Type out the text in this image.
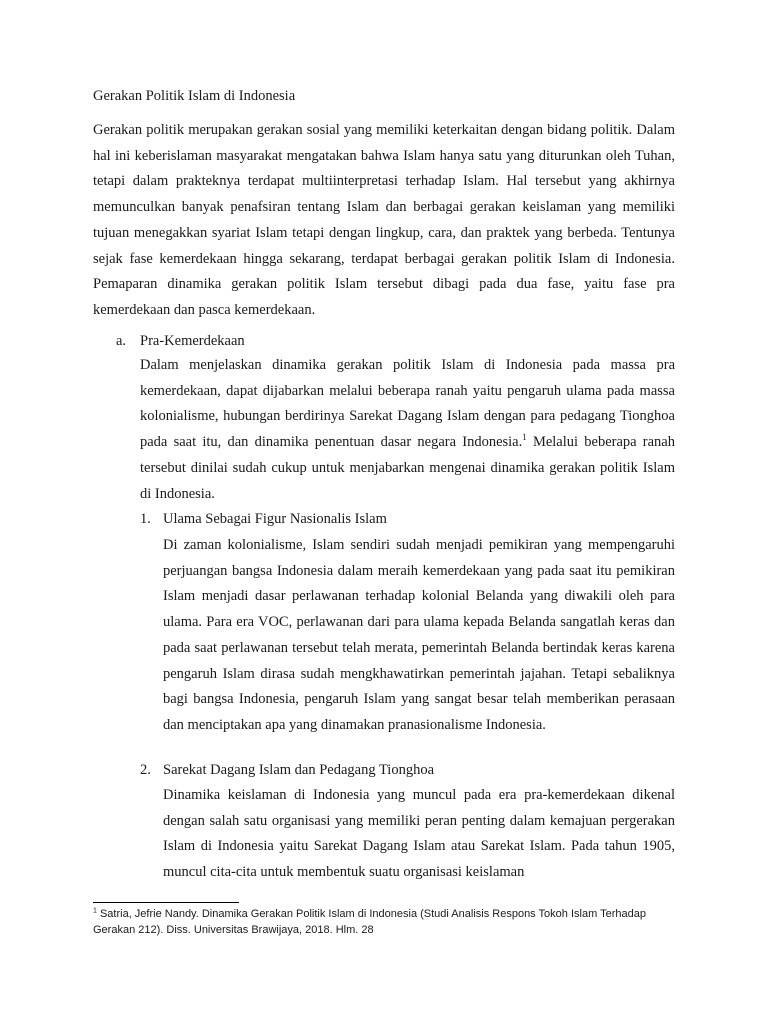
Gerakan Politik Islam di Indonesia

Gerakan politik merupakan gerakan sosial yang memiliki keterkaitan dengan bidang politik. Dalam hal ini keberislaman masyarakat mengatakan bahwa Islam hanya satu yang diturunkan oleh Tuhan, tetapi dalam prakteknya terdapat multiinterpretasi terhadap Islam. Hal tersebut yang akhirnya memunculkan banyak penafsiran tentang Islam dan berbagai gerakan keislaman yang memiliki tujuan menegakkan syariat Islam tetapi dengan lingkup, cara, dan praktek yang berbeda. Tentunya sejak fase kemerdekaan hingga sekarang, terdapat berbagai gerakan politik Islam di Indonesia. Pemaparan dinamika gerakan politik Islam tersebut dibagi pada dua fase, yaitu fase pra kemerdekaan dan pasca kemerdekaan.

a. Pra-Kemerdekaan

Dalam menjelaskan dinamika gerakan politik Islam di Indonesia pada massa pra kemerdekaan, dapat dijabarkan melalui beberapa ranah yaitu pengaruh ulama pada massa kolonialisme, hubungan berdirinya Sarekat Dagang Islam dengan para pedagang Tionghoa pada saat itu, dan dinamika penentuan dasar negara Indonesia.$^1$ Melalui beberapa ranah tersebut dinilai sudah cukup untuk menjabarkan mengenai dinamika gerakan politik Islam di Indonesia.

1. Ulama Sebagai Figur Nasionalis Islam

Di zaman kolonialisme, Islam sendiri sudah menjadi pemikiran yang mempengaruhi perjuangan bangsa Indonesia dalam meraih kemerdekaan yang pada saat itu pemikiran Islam menjadi dasar perlawanan terhadap kolonial Belanda yang diwakili oleh para ulama. Para era VOC, perlawanan dari para ulama kepada Belanda sangatlah keras dan pada saat perlawanan tersebut telah merata, pemerintah Belanda bertindak keras karena pengaruh Islam dirasa sudah mengkhawatirkan pemerintah jajahan. Tetapi sebaliknya bagi bangsa Indonesia, pengaruh Islam yang sangat besar telah memberikan perasaan dan menciptakan apa yang dinamakan pranasionalisme Indonesia.

2. Sarekat Dagang Islam dan Pedagang Tionghoa

Dinamika keislaman di Indonesia yang muncul pada era pra-kemerdekaan dikenal dengan salah satu organisasi yang memiliki peran penting dalam kemajuan pergerakan Islam di Indonesia yaitu Sarekat Dagang Islam atau Sarekat Islam. Pada tahun 1905, muncul cita-cita untuk membentuk suatu organisasi keislaman

$^1$ Satria, Jefrie Nandy. Dinamika Gerakan Politik Islam di Indonesia (Studi Analisis Respons Tokoh Islam Terhadap Gerakan 212). Diss. Universitas Brawijaya, 2018. Hlm. 28
